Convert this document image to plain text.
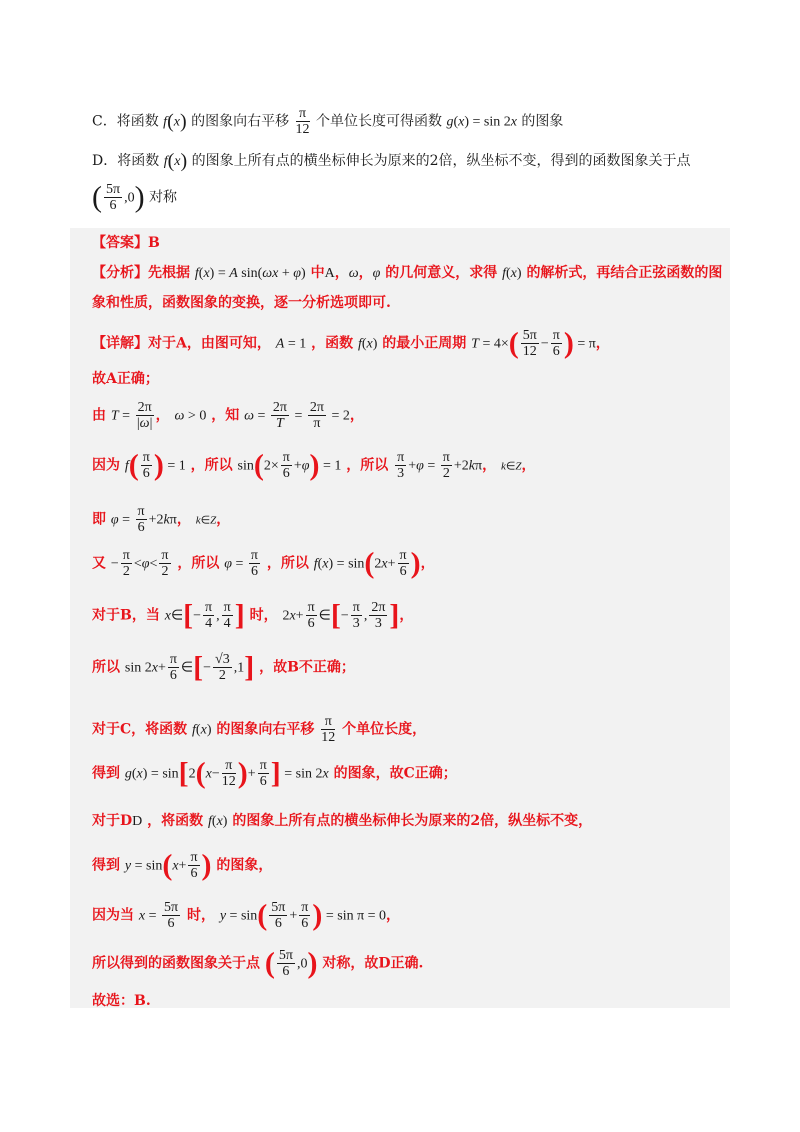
C．将函数 f(x) 的图象向右平移 $\frac{\pi}{12}$ 个单位长度可得函数 g(x) = sin 2x 的图象
D．将函数 f(x) 的图象上所有点的横坐标伸长为原来的2倍，纵坐标不变，得到的函数图象关于点
( $\frac{5\pi}{6} ,0$) 对称
【答案】B
【分析】先根据 f(x) = A sin(ωx + φ) 中A，ω，φ 的几何意义，求得 f(x) 的解析式，再结合正弦函数的图
象和性质，函数图象的变换，逐一分析选项即可.
【详解】对于A，由图可知， A = 1 ，函数 f(x) 的最小正周期 $T = 4\times( \frac{5\pi}{12} - \frac{\pi}{6}$ ) = π，
故A正确；
由 $T = \frac{2\pi}{|\omega|}$ ， ω > 0 ，知 $\omega = \frac{2\pi}{T} = \frac{2\pi}{\pi} = 2$，
因为 $f( \frac{\pi}{6}$ ) = 1 ，所以 $\sin(2\times \frac{\pi}{6} +\varphi) = 1$ ，所以 $\frac{\pi}{3} +\varphi = \frac{\pi}{2} +2k\pi$， k∈Z，
即 $\varphi = \frac{\pi}{6} +2k\pi$， k∈Z，
又 − $\frac{\pi}{2} <\varphi< \frac{\pi}{2}$ ，所以 $\varphi = \frac{\pi}{6}$ ，所以 $f(x) = \sin(2x+ \frac{\pi}{6}$ )，
对于B，当 x∈[− $\frac{\pi}{4}$ , $\frac{\pi}{4}$ ] 时， $2x+ \frac{\pi}{6}$ ∈[− $\frac{\pi}{3}$ , $\frac{2\pi}{3}$ ]，
所以 $\sin 2x+ \frac{\pi}{6}$ ∈[− $\frac{√3}{2} ,1$] ，故B不正确；
对于C，将函数 f(x) 的图象向右平移 $\frac{\pi}{12}$ 个单位长度，
得到 $g(x) = \sin[2(x- \frac{\pi}{12}$ )+ $\frac{\pi}{6}$ ] = sin 2x 的图象，故C正确；
对于DD ，将函数 f(x) 的图象上所有点的横坐标伸长为原来的2倍，纵坐标不变，
得到 $y = \sin(x+ \frac{\pi}{6}$ ) 的图象，
因为当 $x = \frac{5\pi}{6}$ 时， $y = \sin( \frac{5\pi}{6} + \frac{\pi}{6}$ ) = sin π = 0，
所以得到的函数图象关于点 ( $\frac{5\pi}{6} ,0$) 对称，故D正确.
故选：B.
